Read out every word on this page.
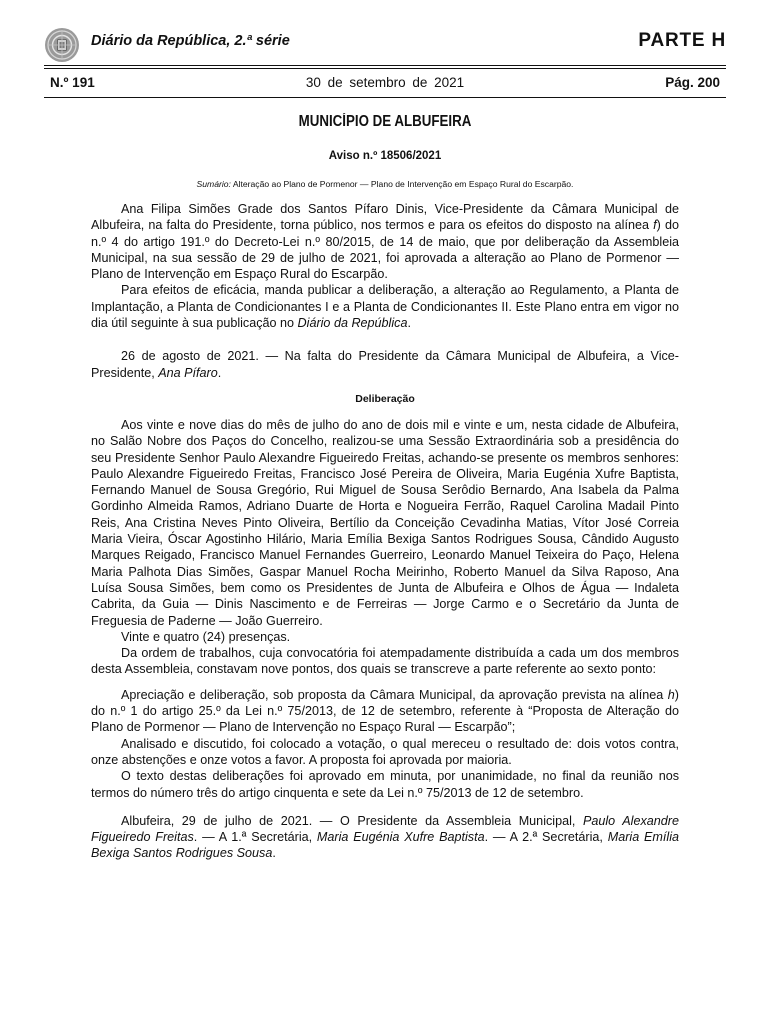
Diário da República, 2.ª série	PARTE H
N.º 191	30 de setembro de 2021	Pág. 200

MUNICÍPIO DE ALBUFEIRA

Aviso n.º 18506/2021

Sumário: Alteração ao Plano de Pormenor — Plano de Intervenção em Espaço Rural do Escarpão.

Ana Filipa Simões Grade dos Santos Pífaro Dinis, Vice-Presidente da Câmara Municipal de Albufeira, na falta do Presidente, torna público, nos termos e para os efeitos do disposto na alínea f) do n.º 4 do artigo 191.º do Decreto-Lei n.º 80/2015, de 14 de maio, que por deliberação da Assembleia Municipal, na sua sessão de 29 de julho de 2021, foi aprovada a alteração ao Plano de Pormenor — Plano de Intervenção em Espaço Rural do Escarpão.

Para efeitos de eficácia, manda publicar a deliberação, a alteração ao Regulamento, a Planta de Implantação, a Planta de Condicionantes I e a Planta de Condicionantes II. Este Plano entra em vigor no dia útil seguinte à sua publicação no Diário da República.

26 de agosto de 2021. — Na falta do Presidente da Câmara Municipal de Albufeira, a Vice-Presidente, Ana Pífaro.

Deliberação

Aos vinte e nove dias do mês de julho do ano de dois mil e vinte e um, nesta cidade de Albufeira, no Salão Nobre dos Paços do Concelho, realizou-se uma Sessão Extraordinária sob a presidência do seu Presidente Senhor Paulo Alexandre Figueiredo Freitas, achando-se presente os membros senhores: Paulo Alexandre Figueiredo Freitas, Francisco José Pereira de Oliveira, Maria Eugénia Xufre Baptista, Fernando Manuel de Sousa Gregório, Rui Miguel de Sousa Serôdio Bernardo, Ana Isabela da Palma Gordinho Almeida Ramos, Adriano Duarte de Horta e Nogueira Ferrão, Raquel Carolina Madail Pinto Reis, Ana Cristina Neves Pinto Oliveira, Bertílio da Conceição Cevadinha Matias, Vítor José Correia Maria Vieira, Óscar Agostinho Hilário, Maria Emília Bexiga Santos Rodrigues Sousa, Cândido Augusto Marques Reigado, Francisco Manuel Fernandes Guerreiro, Leonardo Manuel Teixeira do Paço, Helena Maria Palhota Dias Simões, Gaspar Manuel Rocha Meirinho, Roberto Manuel da Silva Raposo, Ana Luísa Sousa Simões, bem como os Presidentes de Junta de Albufeira e Olhos de Água — Indaleta Cabrita, da Guia — Dinis Nascimento e de Ferreiras — Jorge Carmo e o Secretário da Junta de Freguesia de Paderne — João Guerreiro.

Vinte e quatro (24) presenças.

Da ordem de trabalhos, cuja convocatória foi atempadamente distribuída a cada um dos membros desta Assembleia, constavam nove pontos, dos quais se transcreve a parte referente ao sexto ponto:

Apreciação e deliberação, sob proposta da Câmara Municipal, da aprovação prevista na alínea h) do n.º 1 do artigo 25.º da Lei n.º 75/2013, de 12 de setembro, referente à “Proposta de Alteração do Plano de Pormenor — Plano de Intervenção no Espaço Rural — Escarpão”;

Analisado e discutido, foi colocado a votação, o qual mereceu o resultado de: dois votos contra, onze abstenções e onze votos a favor. A proposta foi aprovada por maioria.

O texto destas deliberações foi aprovado em minuta, por unanimidade, no final da reunião nos termos do número três do artigo cinquenta e sete da Lei n.º 75/2013 de 12 de setembro.

Albufeira, 29 de julho de 2021. — O Presidente da Assembleia Municipal, Paulo Alexandre Figueiredo Freitas. — A 1.ª Secretária, Maria Eugénia Xufre Baptista. — A 2.ª Secretária, Maria Emília Bexiga Santos Rodrigues Sousa.
